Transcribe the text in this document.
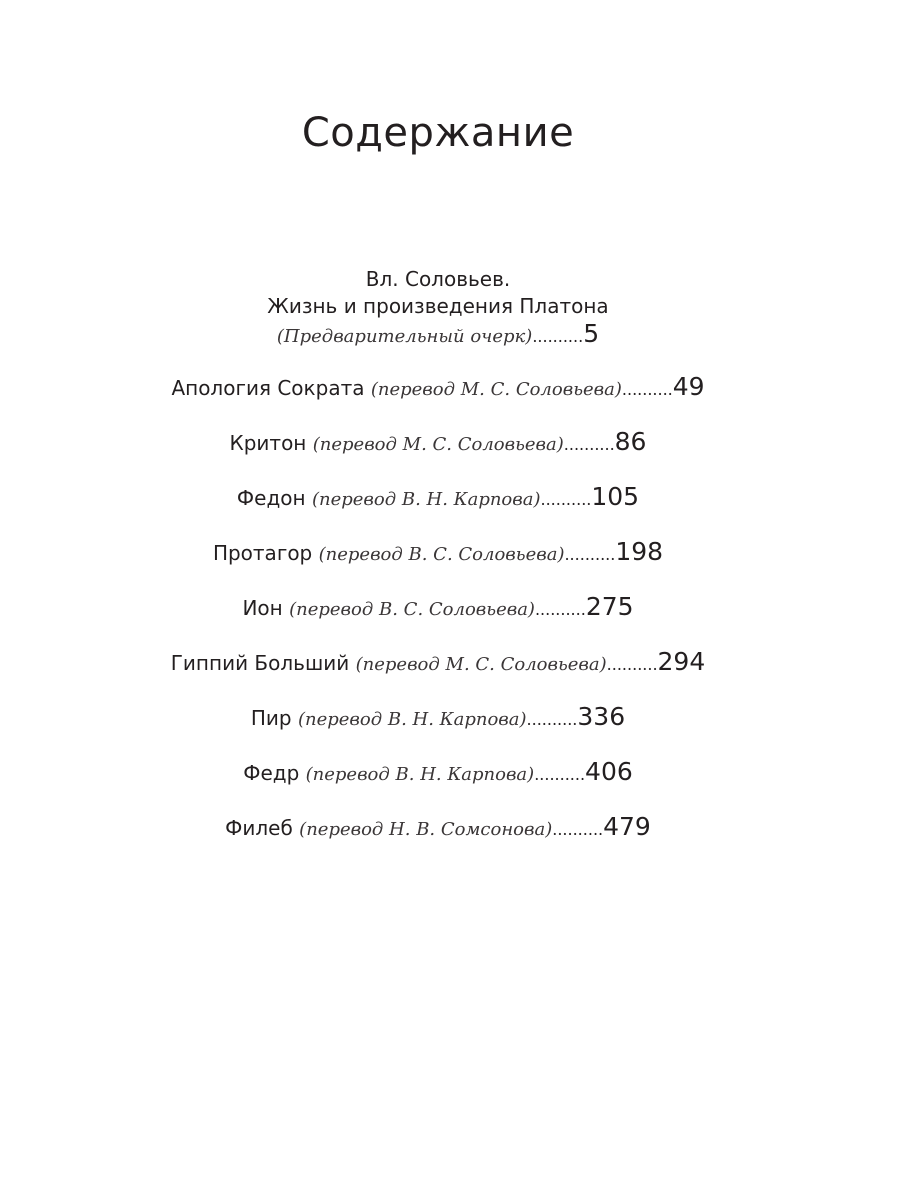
Содержание
Вл. Соловьев.
Жизнь и произведения Платона
(Предварительный очерк)..........5
Апология Сократа (перевод М. С. Соловьева)..........49
Критон (перевод М. С. Соловьева)..........86
Федон (перевод В. Н. Карпова)..........105
Протагор (перевод В. С. Соловьева)..........198
Ион (перевод В. С. Соловьева)..........275
Гиппий Больший (перевод М. С. Соловьева)..........294
Пир (перевод В. Н. Карпова)..........336
Федр (перевод В. Н. Карпова)..........406
Филеб (перевод Н. В. Сомсонова)..........479
